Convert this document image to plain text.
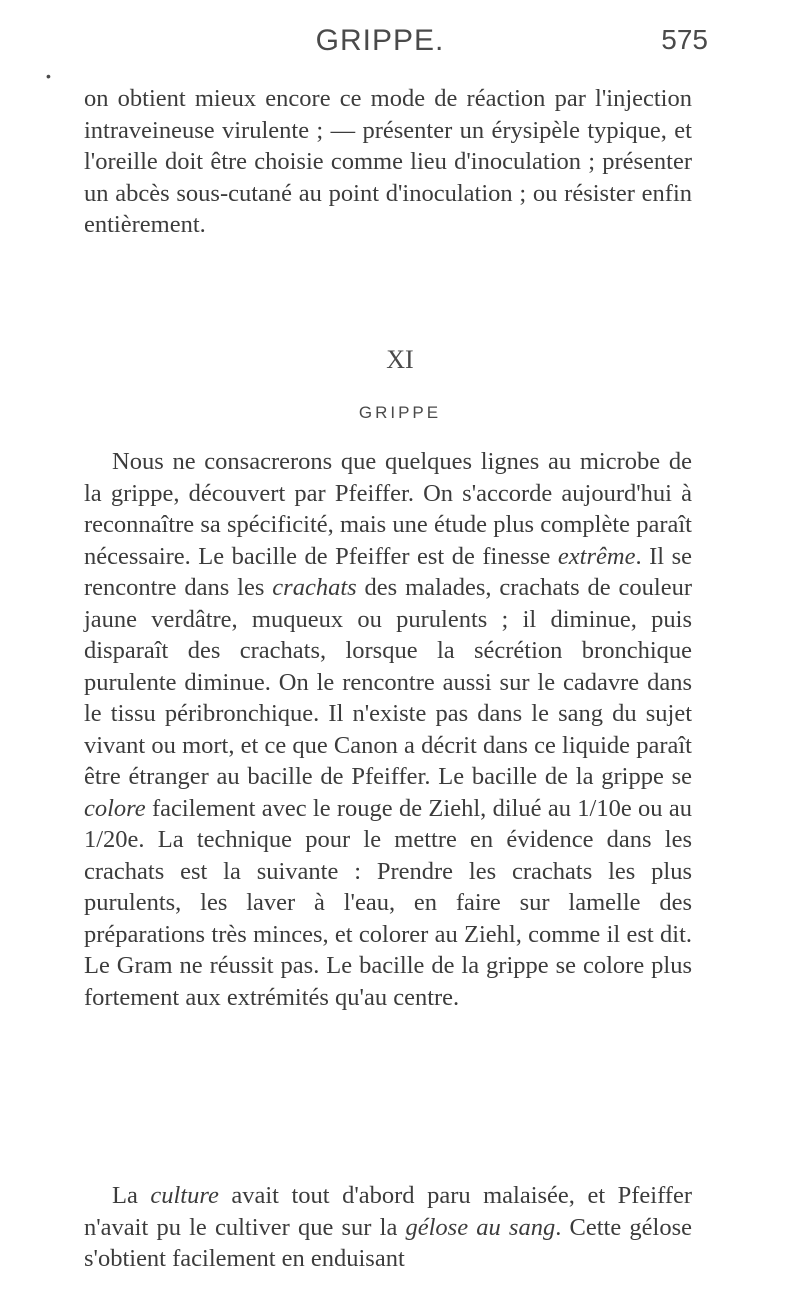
GRIPPE.	575
•

on obtient mieux encore ce mode de réaction par l'injection intraveineuse virulente ; — présenter un érysipèle typique, et l'oreille doit être choisie comme lieu d'inoculation ; présenter un abcès sous-cutané au point d'inoculation ; ou résister enfin entièrement.

XI
GRIPPE

Nous ne consacrerons que quelques lignes au microbe de la grippe, découvert par Pfeiffer. On s'accorde aujourd'hui à reconnaître sa spécificité, mais une étude plus complète paraît nécessaire. Le bacille de Pfeiffer est de finesse extrême. Il se rencontre dans les crachats des malades, crachats de couleur jaune verdâtre, muqueux ou purulents ; il diminue, puis disparaît des crachats, lorsque la sécrétion bronchique purulente diminue. On le rencontre aussi sur le cadavre dans le tissu péribronchique. Il n'existe pas dans le sang du sujet vivant ou mort, et ce que Canon a décrit dans ce liquide paraît être étranger au bacille de Pfeiffer. Le bacille de la grippe se colore facilement avec le rouge de Ziehl, dilué au 1/10e ou au 1/20e. La technique pour le mettre en évidence dans les crachats est la suivante : Prendre les crachats les plus purulents, les laver à l'eau, en faire sur lamelle des préparations très minces, et colorer au Ziehl, comme il est dit. Le Gram ne réussit pas. Le bacille de la grippe se colore plus fortement aux extrémités qu'au centre.

La culture avait tout d'abord paru malaisée, et Pfeiffer n'avait pu le cultiver que sur la gélose au sang. Cette gélose s'obtient facilement en enduisant
